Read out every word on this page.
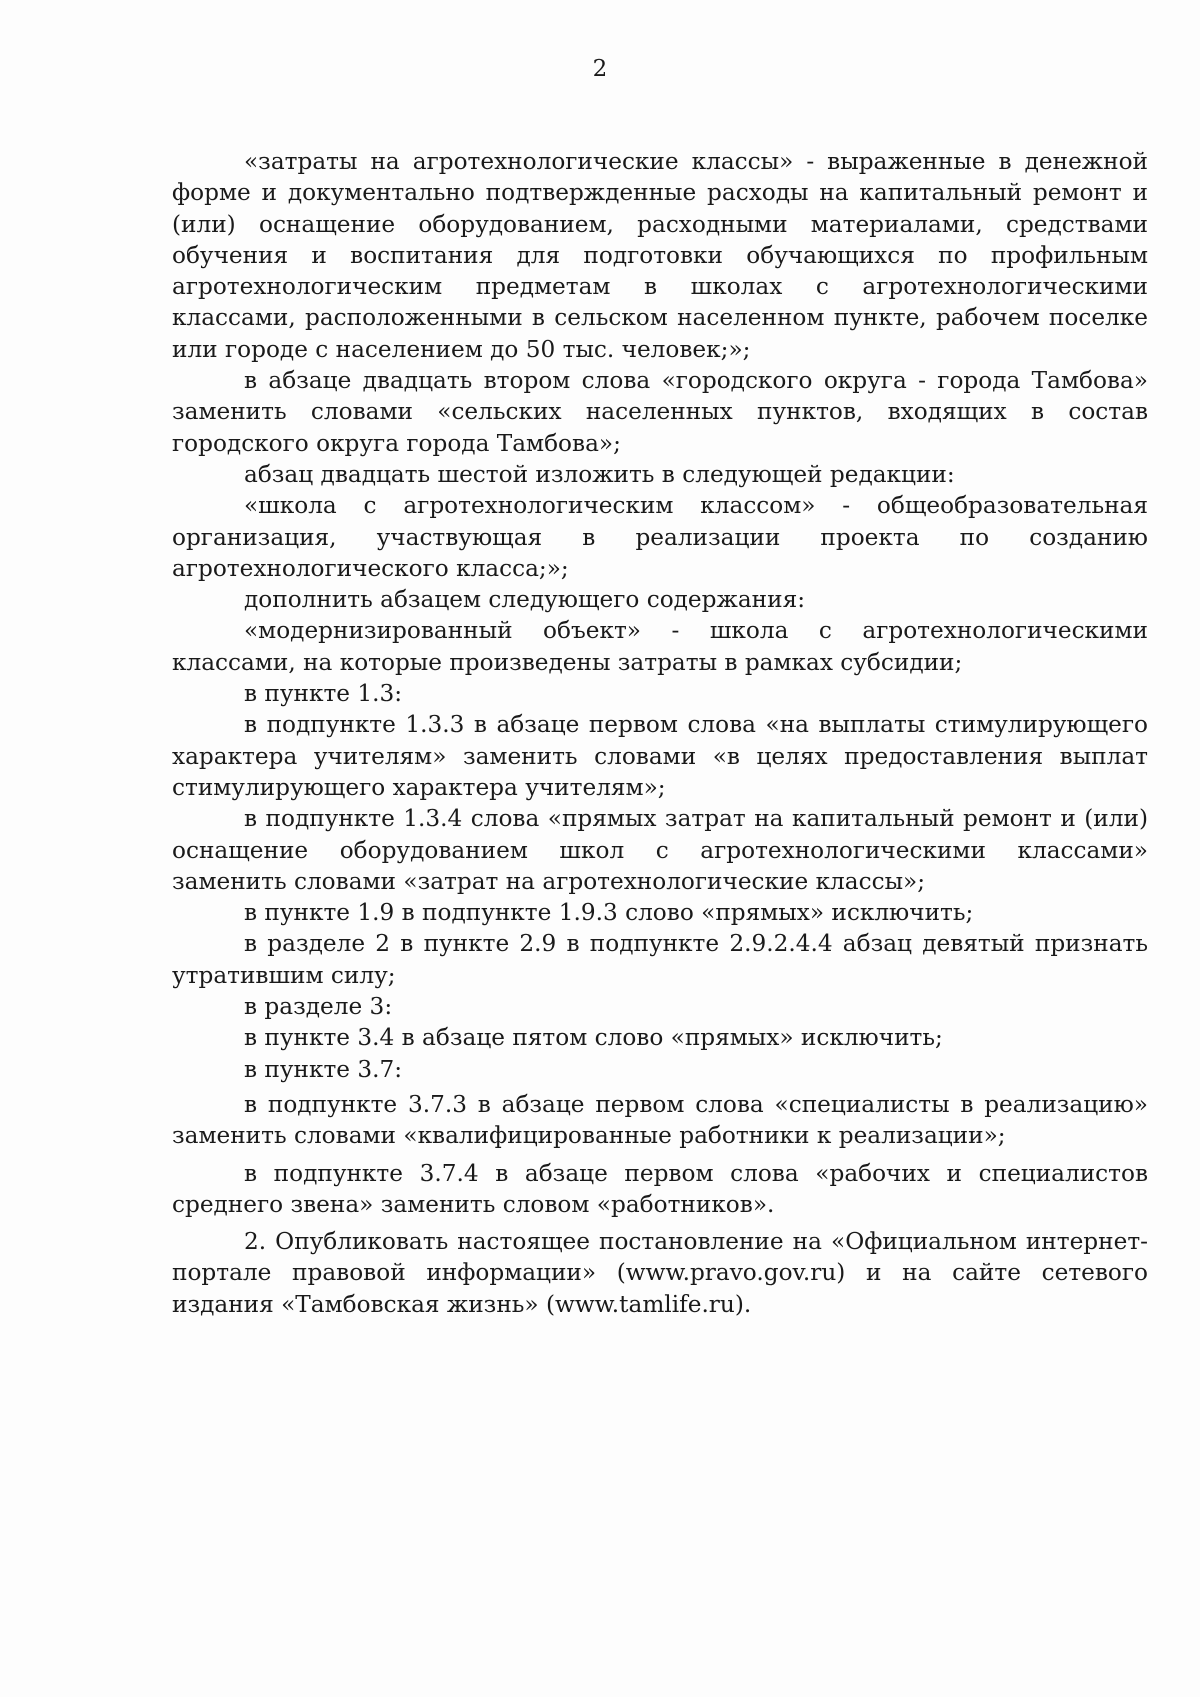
2

«затраты на агротехнологические классы» - выраженные в денежной форме и документально подтвержденные расходы на капитальный ремонт и (или) оснащение оборудованием, расходными материалами, средствами обучения и воспитания для подготовки обучающихся по профильным агротехнологическим предметам в школах с агротехнологическими классами, расположенными в сельском населенном пункте, рабочем поселке или городе с населением до 50 тыс. человек;»;

в абзаце двадцать втором слова «городского округа - города Тамбова» заменить словами «сельских населенных пунктов, входящих в состав городского округа города Тамбова»;

абзац двадцать шестой изложить в следующей редакции:

«школа с агротехнологическим классом» - общеобразовательная организация, участвующая в реализации проекта по созданию агротехнологического класса;»;

дополнить абзацем следующего содержания:

«модернизированный объект» - школа с агротехнологическими классами, на которые произведены затраты в рамках субсидии;

в пункте 1.3:

в подпункте 1.3.3 в абзаце первом слова «на выплаты стимулирующего характера учителям» заменить словами «в целях предоставления выплат стимулирующего характера учителям»;

в подпункте 1.3.4 слова «прямых затрат на капитальный ремонт и (или) оснащение оборудованием школ с агротехнологическими классами» заменить словами «затрат на агротехнологические классы»;

в пункте 1.9 в подпункте 1.9.3 слово «прямых» исключить;

в разделе 2 в пункте 2.9 в подпункте 2.9.2.4.4 абзац девятый признать утратившим силу;

в разделе 3:

в пункте 3.4 в абзаце пятом слово «прямых» исключить;

в пункте 3.7:

в подпункте 3.7.3 в абзаце первом слова «специалисты в реализацию» заменить словами «квалифицированные работники к реализации»;

в подпункте 3.7.4 в абзаце первом слова «рабочих и специалистов среднего звена» заменить словом «работников».

2. Опубликовать настоящее постановление на «Официальном интернет-портале правовой информации» (www.pravo.gov.ru) и на сайте сетевого издания «Тамбовская жизнь» (www.tamlife.ru).
